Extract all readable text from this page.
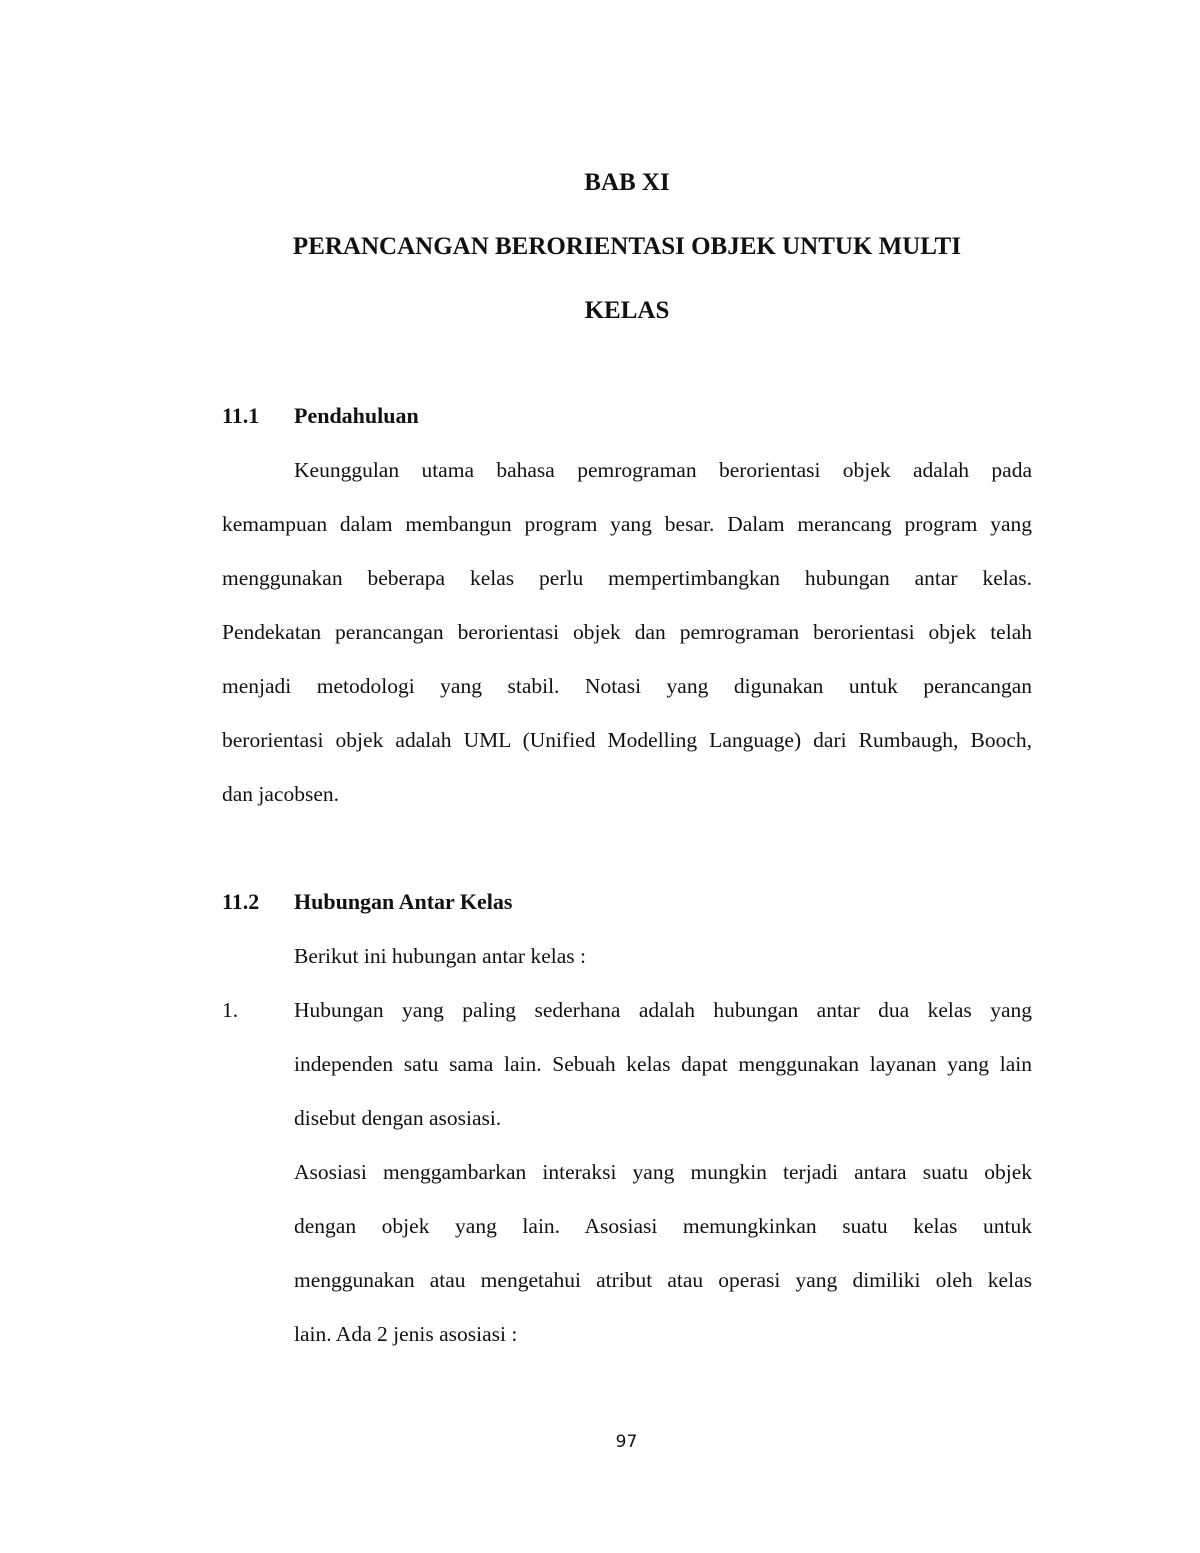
BAB XI

PERANCANGAN BERORIENTASI OBJEK UNTUK MULTI

KELAS

11.1 Pendahuluan

Keunggulan utama bahasa pemrograman berorientasi objek adalah pada
kemampuan dalam membangun program yang besar. Dalam merancang program yang
menggunakan beberapa kelas perlu mempertimbangkan hubungan antar kelas.
Pendekatan perancangan berorientasi objek dan pemrograman berorientasi objek telah
menjadi metodologi yang stabil. Notasi yang digunakan untuk perancangan
berorientasi objek adalah UML (Unified Modelling Language) dari Rumbaugh, Booch,
dan jacobsen.

11.2 Hubungan Antar Kelas

Berikut ini hubungan antar kelas :

1.	Hubungan yang paling sederhana adalah hubungan antar dua kelas yang
independen satu sama lain. Sebuah kelas dapat menggunakan layanan yang lain
disebut dengan asosiasi.
Asosiasi menggambarkan interaksi yang mungkin terjadi antara suatu objek
dengan objek yang lain. Asosiasi memungkinkan suatu kelas untuk
menggunakan atau mengetahui atribut atau operasi yang dimiliki oleh kelas
lain. Ada 2 jenis asosiasi :

97
